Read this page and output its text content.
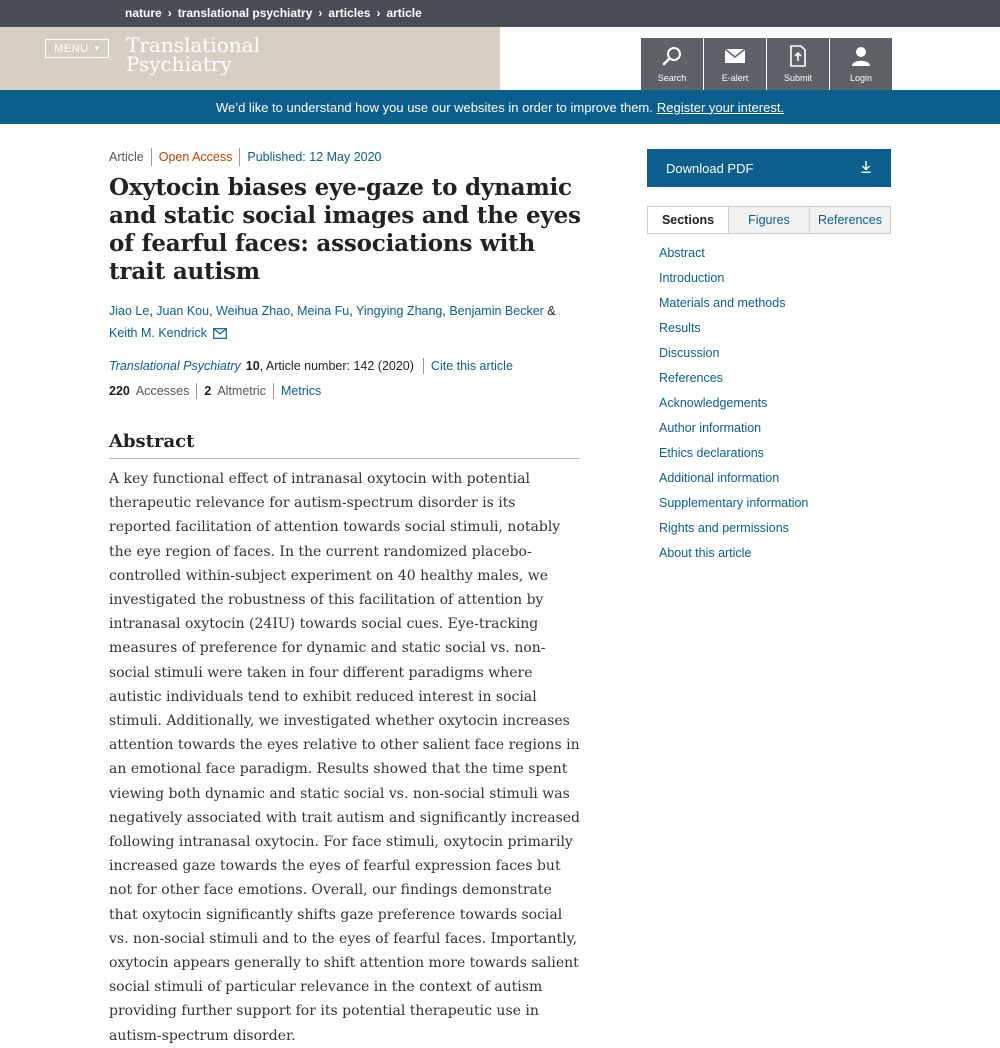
nature › translational psychiatry › articles › article
MENU ▾ Translational
Psychiatry
Search	E-alert	Submit	Login
We’d like to understand how you use our websites in order to improve them. Register your interest.
Article	Open Access	Published: 12 May 2020
Oxytocin biases eye-gaze to dynamic and static social images and the eyes of fearful faces: associations with trait autism
Jiao Le, Juan Kou, Weihua Zhao, Meina Fu, Yingying Zhang, Benjamin Becker &
Keith M. Kendrick
Translational Psychiatry 10 , Article number: 142 (2020) Cite this article
220 Accesses 2 Altmetric Metrics
Abstract

A key functional effect of intranasal oxytocin with potential therapeutic relevance for autism-spectrum disorder is its reported facilitation of attention towards social stimuli, notably the eye region of faces. In the current randomized placebo-controlled within-subject experiment on 40 healthy males, we investigated the robustness of this facilitation of attention by intranasal oxytocin (24IU) towards social cues. Eye-tracking measures of preference for dynamic and static social vs. non-social stimuli were taken in four different paradigms where autistic individuals tend to exhibit reduced interest in social stimuli. Additionally, we investigated whether oxytocin increases attention towards the eyes relative to other salient face regions in an emotional face paradigm. Results showed that the time spent viewing both dynamic and static social vs. non-social stimuli was negatively associated with trait autism and significantly increased following intranasal oxytocin. For face stimuli, oxytocin primarily increased gaze towards the eyes of fearful expression faces but not for other face emotions. Overall, our findings demonstrate that oxytocin significantly shifts gaze preference towards social vs. non-social stimuli and to the eyes of fearful faces. Importantly, oxytocin appears generally to shift attention more towards salient social stimuli of particular relevance in the context of autism providing further support for its potential therapeutic use in autism-spectrum disorder.

Download PDF
Sections	Figures	References
Abstract
Introduction
Materials and methods
Results
Discussion
References
Acknowledgements
Author information
Ethics declarations
Additional information
Supplementary information
Rights and permissions
About this article
